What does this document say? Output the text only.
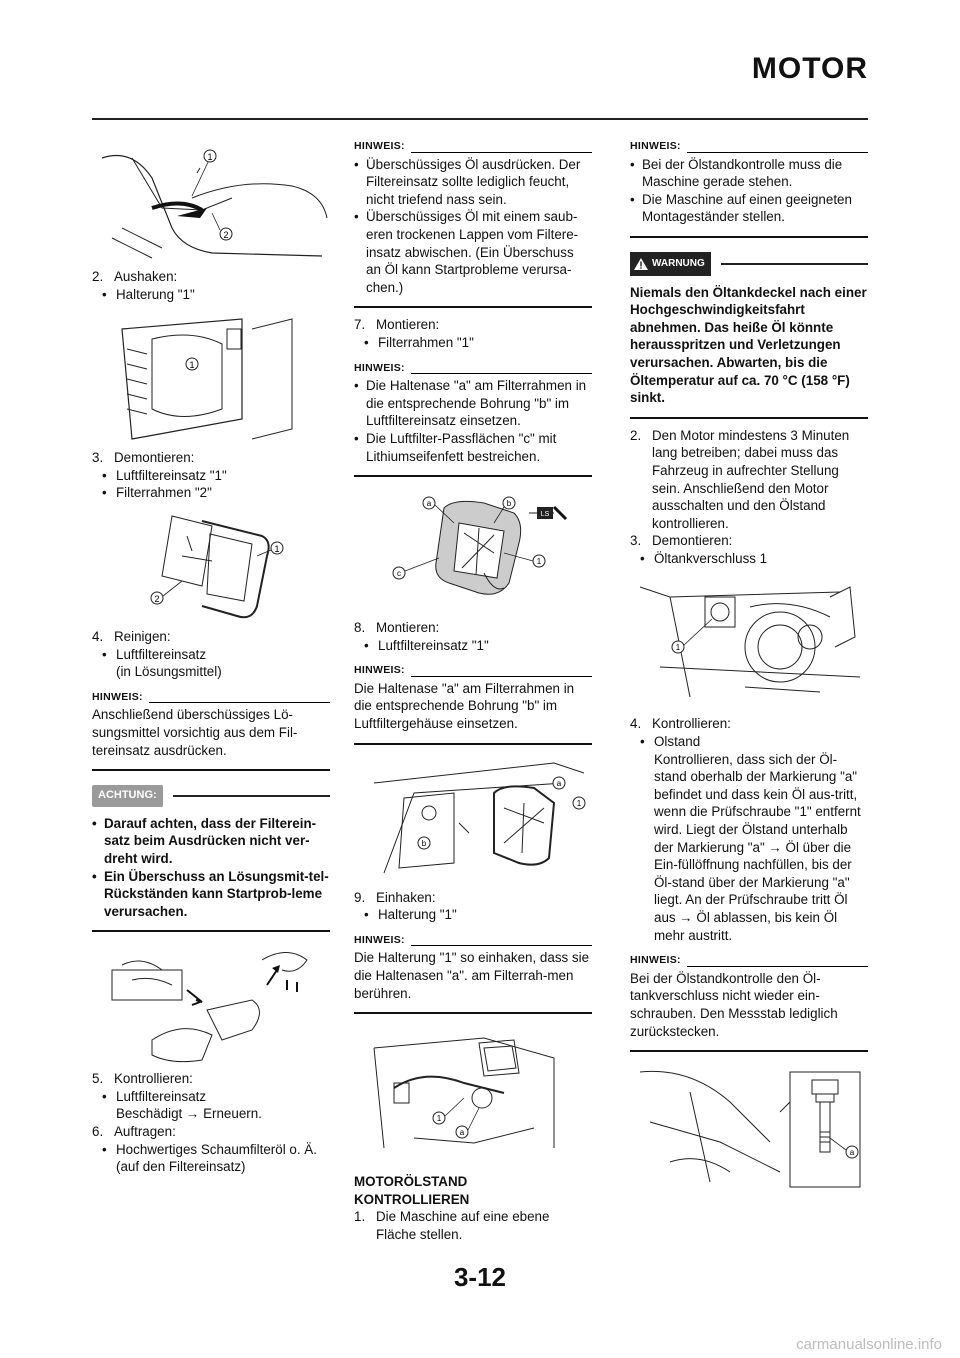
MOTOR
1
2
2. Aushaken:
• Halterung "1"
1
3. Demontieren:
• Luftfiltereinsatz "1"
• Filterrahmen "2"
1
2
4. Reinigen:
• Luftfiltereinsatz
(in Lösungsmittel)
HINWEIS:
Anschließend überschüssiges Lö-sungsmittel vorsichtig aus dem Fil-tereinsatz ausdrücken.
ACHTUNG:
• Darauf achten, dass der Filterein-satz beim Ausdrücken nicht ver-dreht wird.
• Ein Überschuss an Lösungsmit-tel-Rückständen kann Startprob-leme verursachen.
5. Kontrollieren:
• Luftfiltereinsatz
Beschädigt → Erneuern.
6. Auftragen:
• Hochwertiges Schaumfilteröl o. Ä.
(auf den Filtereinsatz)
HINWEIS:
• Überschüssiges Öl ausdrücken. Der Filtereinsatz sollte lediglich feucht, nicht triefend nass sein.
• Überschüssiges Öl mit einem saub-eren trockenen Lappen vom Filtere-insatz abwischen. (Ein Überschuss an Öl kann Startprobleme verursa-chen.)
7. Montieren:
• Filterrahmen "1"
HINWEIS:
• Die Haltenase "a" am Filterrahmen in die entsprechende Bohrung "b" im Luftfiltereinsatz einsetzen.
• Die Luftfilter-Passflächen "c" mit Lithiumseifenfett bestreichen.
LS
a	b
c
1
8. Montieren:
• Luftfiltereinsatz "1"
HINWEIS:
Die Haltenase "a" am Filterrahmen in die entsprechende Bohrung "b" im Luftfiltergehäuse einsetzen.
a
1
b
9. Einhaken:
• Halterung "1"
HINWEIS:
Die Halterung "1" so einhaken, dass sie die Haltenasen "a". am Filterrah-men berühren.
1
a
MOTORÖLSTAND KONTROLLIEREN
1. Die Maschine auf eine ebene Fläche stellen.
HINWEIS:
• Bei der Ölstandkontrolle muss die Maschine gerade stehen.
• Die Maschine auf einen geeigneten Montageständer stellen.
WARNUNG
Niemals den Öltankdeckel nach einer Hochgeschwindigkeitsfahrt abnehmen. Das heiße Öl könnte herausspritzen und Verletzungen verursachen. Abwarten, bis die Öltemperatur auf ca. 70 °C (158 °F) sinkt.
2. Den Motor mindestens 3 Minuten lang betreiben; dabei muss das Fahrzeug in aufrechter Stellung sein. Anschließend den Motor ausschalten und den Ölstand kontrollieren.
3. Demontieren:
• Öltankverschluss 1
1
4. Kontrollieren:
• Olstand
Kontrollieren, dass sich der Öl-stand oberhalb der Markierung "a" befindet und dass kein Öl aus-tritt, wenn die Prüfschraube "1" entfernt wird. Liegt der Ölstand unterhalb der Markierung "a" → Öl über die Ein-füllöffnung nachfüllen, bis der Öl-stand über der Markierung "a" liegt. An der Prüfschraube tritt Öl aus → Öl ablassen, bis kein Öl mehr austritt.
HINWEIS:
Bei der Ölstandkontrolle den Öl-tankverschluss nicht wieder ein-schrauben. Den Messstab lediglich zurückstecken.
a
3-12
carmanualsonline.info
